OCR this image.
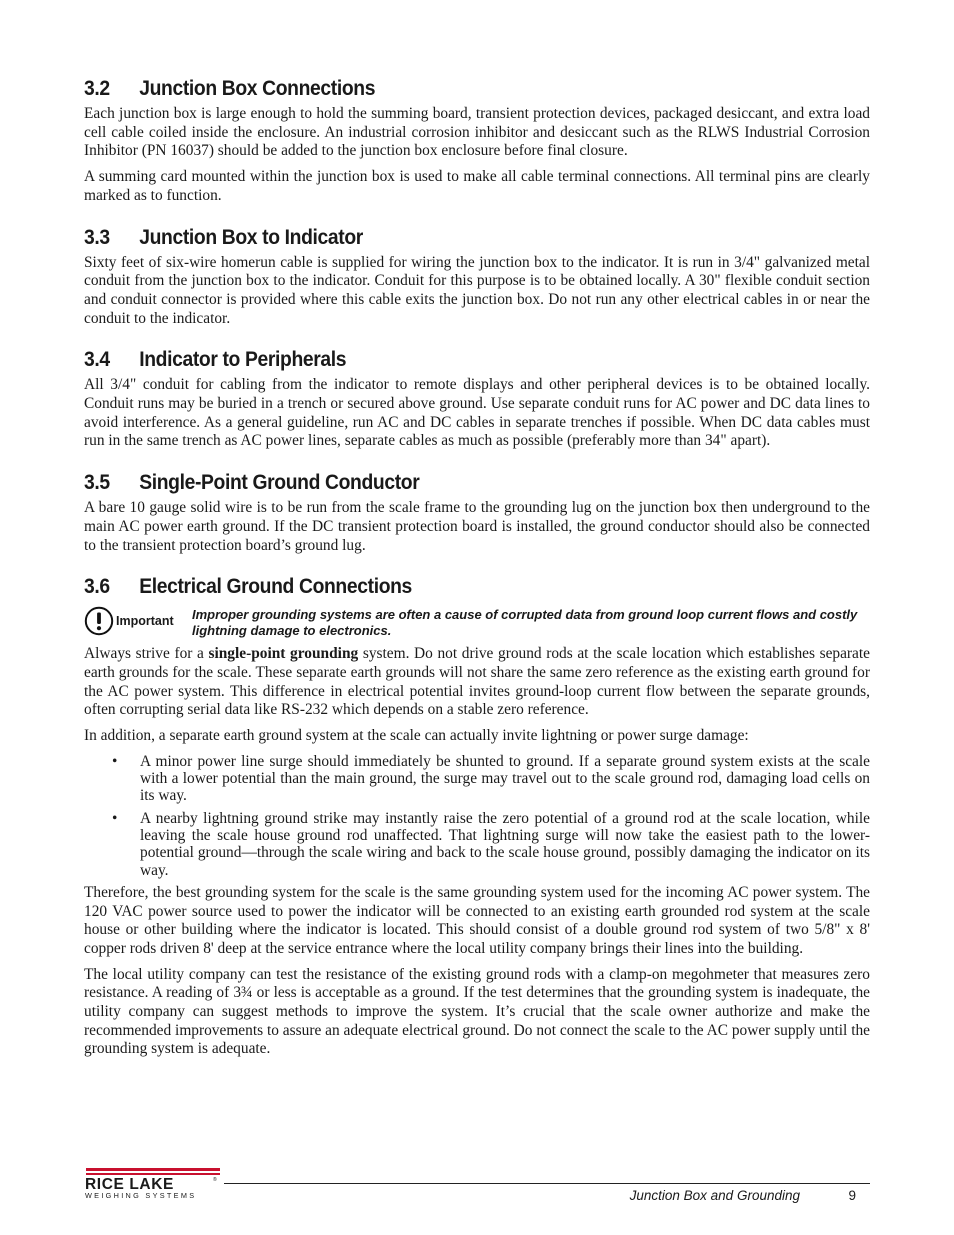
3.2 Junction Box Connections

Each junction box is large enough to hold the summing board, transient protection devices, packaged desiccant, and extra load cell cable coiled inside the enclosure. An industrial corrosion inhibitor and desiccant such as the RLWS Industrial Corrosion Inhibitor (PN 16037) should be added to the junction box enclosure before final closure.

A summing card mounted within the junction box is used to make all cable terminal connections. All terminal pins are clearly marked as to function.

3.3 Junction Box to Indicator

Sixty feet of six-wire homerun cable is supplied for wiring the junction box to the indicator. It is run in 3/4" galvanized metal conduit from the junction box to the indicator. Conduit for this purpose is to be obtained locally. A 30" flexible conduit section and conduit connector is provided where this cable exits the junction box. Do not run any other electrical cables in or near the conduit to the indicator.

3.4 Indicator to Peripherals

All 3/4" conduit for cabling from the indicator to remote displays and other peripheral devices is to be obtained locally. Conduit runs may be buried in a trench or secured above ground. Use separate conduit runs for AC power and DC data lines to avoid interference. As a general guideline, run AC and DC cables in separate trenches if possible. When DC data cables must run in the same trench as AC power lines, separate cables as much as possible (preferably more than 34" apart).

3.5 Single-Point Ground Conductor

A bare 10 gauge solid wire is to be run from the scale frame to the grounding lug on the junction box then underground to the main AC power earth ground. If the DC transient protection board is installed, the ground conductor should also be connected to the transient protection board’s ground lug.

3.6 Electrical Ground Connections
Important Improper grounding systems are often a cause of corrupted data from ground loop current flows and costly lightning damage to electronics.

Always strive for a single-point grounding system. Do not drive ground rods at the scale location which establishes separate earth grounds for the scale. These separate earth grounds will not share the same zero reference as the existing earth ground for the AC power system. This difference in electrical potential invites ground-loop current flow between the separate grounds, often corrupting serial data like RS-232 which depends on a stable zero reference.

In addition, a separate earth ground system at the scale can actually invite lightning or power surge damage:

•	A minor power line surge should immediately be shunted to ground. If a separate ground system exists at the scale with a lower potential than the main ground, the surge may travel out to the scale ground rod, damaging load cells on its way.
•	A nearby lightning ground strike may instantly raise the zero potential of a ground rod at the scale location, while leaving the scale house ground rod unaffected. That lightning surge will now take the easiest path to the lower-potential ground—through the scale wiring and back to the scale house ground, possibly damaging the indicator on its way.

Therefore, the best grounding system for the scale is the same grounding system used for the incoming AC power system. The 120 VAC power source used to power the indicator will be connected to an existing earth grounded rod system at the scale house or other building where the indicator is located. This should consist of a double ground rod system of two 5/8" x 8' copper rods driven 8' deep at the service entrance where the local utility company brings their lines into the building.

The local utility company can test the resistance of the existing ground rods with a clamp-on megohmeter that measures zero resistance. A reading of 3¾ or less is acceptable as a ground. If the test determines that the grounding system is inadequate, the utility company can suggest methods to improve the system. It’s crucial that the scale owner authorize and make the recommended improvements to assure an adequate electrical ground. Do not connect the scale to the AC power supply until the grounding system is adequate.

RICE LAKE	®
WEIGHING SYSTEMS	Junction Box and Grounding	9
